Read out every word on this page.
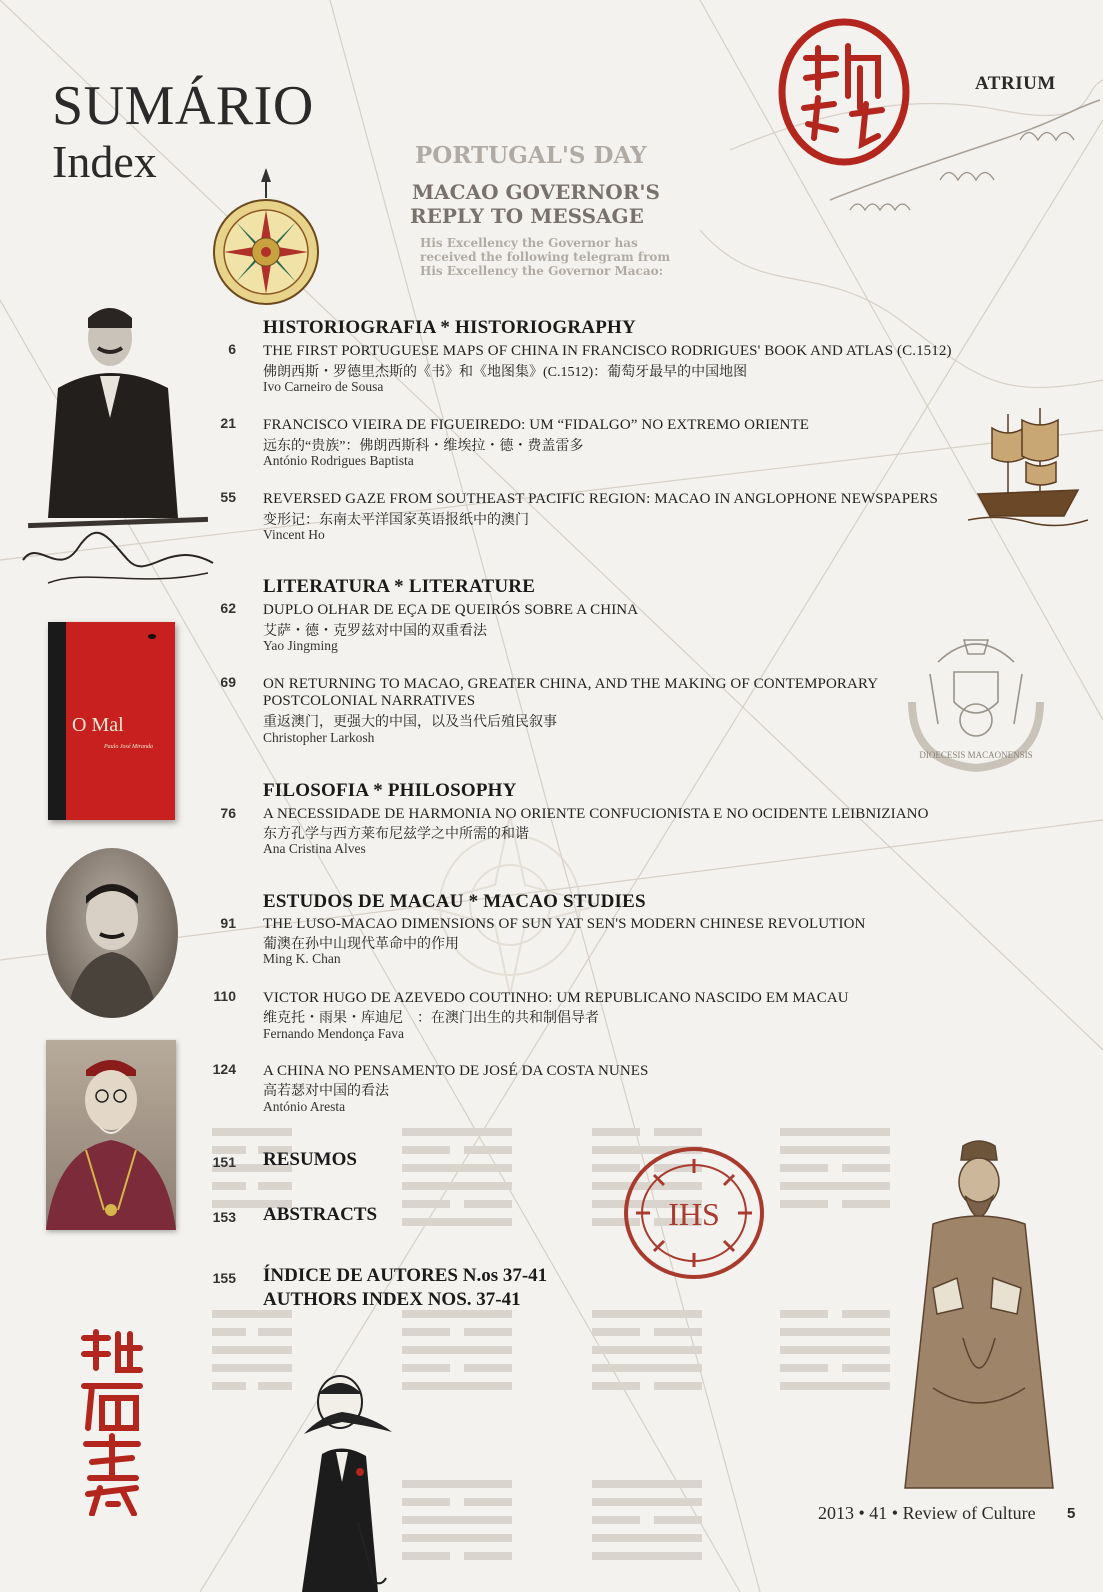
SUMÁRIO
Index
ATRIUM
PORTUGAL'S DAY
MACAO GOVERNOR'S
REPLY TO MESSAGE
His Excellency the Governor has received the following telegram from His Excellency the Governor Macao:
O Mal
Paulo José Miranda
DIOECESIS MACAONENSIS
IHS
HISTORIOGRAFIA * HISTORIOGRAPHY
6 THE FIRST PORTUGUESE MAPS OF CHINA IN FRANCISCO RODRIGUES' BOOK AND ATLAS (C.1512)
佛朗西斯・罗德里杰斯的《书》和《地图集》(C.1512)：葡萄牙最早的中国地图
Ivo Carneiro de Sousa
21 FRANCISCO VIEIRA DE FIGUEIREDO: UM “FIDALGO” NO EXTREMO ORIENTE
远东的“贵族”：佛朗西斯科・维埃拉・德・费盖雷多
António Rodrigues Baptista
55 REVERSED GAZE FROM SOUTHEAST PACIFIC REGION: MACAO IN ANGLOPHONE NEWSPAPERS
变形记：东南太平洋国家英语报纸中的澳门
Vincent Ho
LITERATURA * LITERATURE
62 DUPLO OLHAR DE EÇA DE QUEIRÓS SOBRE A CHINA
艾萨・德・克罗兹对中国的双重看法
Yao Jingming
69 ON RETURNING TO MACAO, GREATER CHINA, AND THE MAKING OF CONTEMPORARY
POSTCOLONIAL NARRATIVES
重返澳门，更强大的中国，以及当代后殖民叙事
Christopher Larkosh
FILOSOFIA * PHILOSOPHY
76 A NECESSIDADE DE HARMONIA NO ORIENTE CONFUCIONISTA E NO OCIDENTE LEIBNIZIANO
东方孔学与西方莱布尼兹学之中所需的和谐
Ana Cristina Alves
ESTUDOS DE MACAU * MACAO STUDIES
91 THE LUSO-MACAO DIMENSIONS OF SUN YAT SEN'S MODERN CHINESE REVOLUTION
葡澳在孙中山现代革命中的作用
Ming K. Chan
110 VICTOR HUGO DE AZEVEDO COUTINHO: UM REPUBLICANO NASCIDO EM MACAU
维克托・雨果・库迪尼　：在澳门出生的共和制倡导者
Fernando Mendonça Fava
124 A CHINA NO PENSAMENTO DE JOSÉ DA COSTA NUNES
高若瑟对中国的看法
António Aresta
151 RESUMOS
153 ABSTRACTS
155 ÍNDICE DE AUTORES N.os 37-41
AUTHORS INDEX NOS. 37-41
2013 • 41 • Review of Culture 5
